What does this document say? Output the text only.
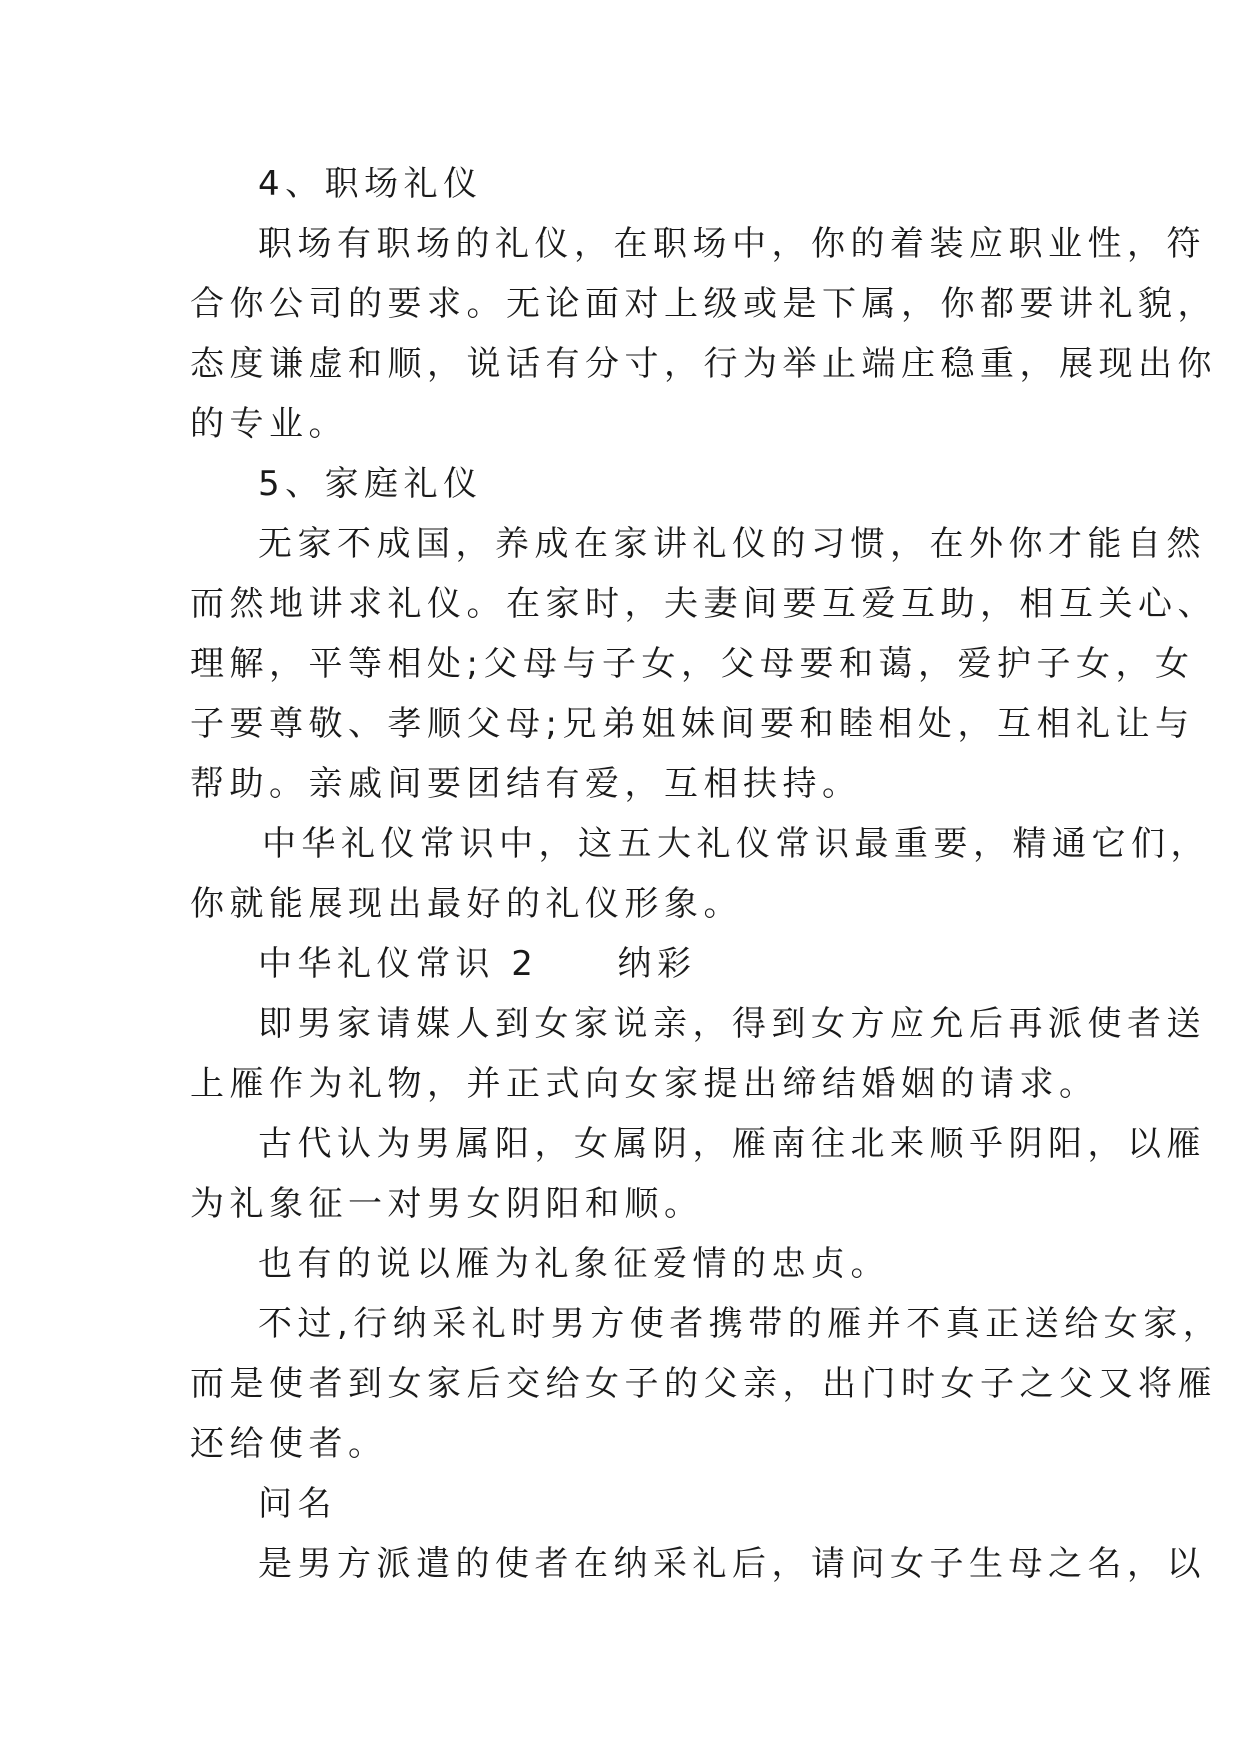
4、职场礼仪
职场有职场的礼仪，在职场中，你的着装应职业性，符
合你公司的要求。无论面对上级或是下属，你都要讲礼貌，
态度谦虚和顺，说话有分寸，行为举止端庄稳重，展现出你
的专业。
5、家庭礼仪
无家不成国，养成在家讲礼仪的习惯，在外你才能自然
而然地讲求礼仪。在家时，夫妻间要互爱互助，相互关心、
理解，平等相处;父母与子女，父母要和蔼，爱护子女，女
子要尊敬、孝顺父母;兄弟姐妹间要和睦相处，互相礼让与
帮助。亲戚间要团结有爱，互相扶持。
中华礼仪常识中，这五大礼仪常识最重要，精通它们，
你就能展现出最好的礼仪形象。
中华礼仪常识 2　　纳彩
即男家请媒人到女家说亲，得到女方应允后再派使者送
上雁作为礼物，并正式向女家提出缔结婚姻的请求。
古代认为男属阳，女属阴，雁南往北来顺乎阴阳，以雁
为礼象征一对男女阴阳和顺。
也有的说以雁为礼象征爱情的忠贞。
不过,行纳采礼时男方使者携带的雁并不真正送给女家，
而是使者到女家后交给女子的父亲，出门时女子之父又将雁
还给使者。
问名
是男方派遣的使者在纳采礼后，请问女子生母之名，以
